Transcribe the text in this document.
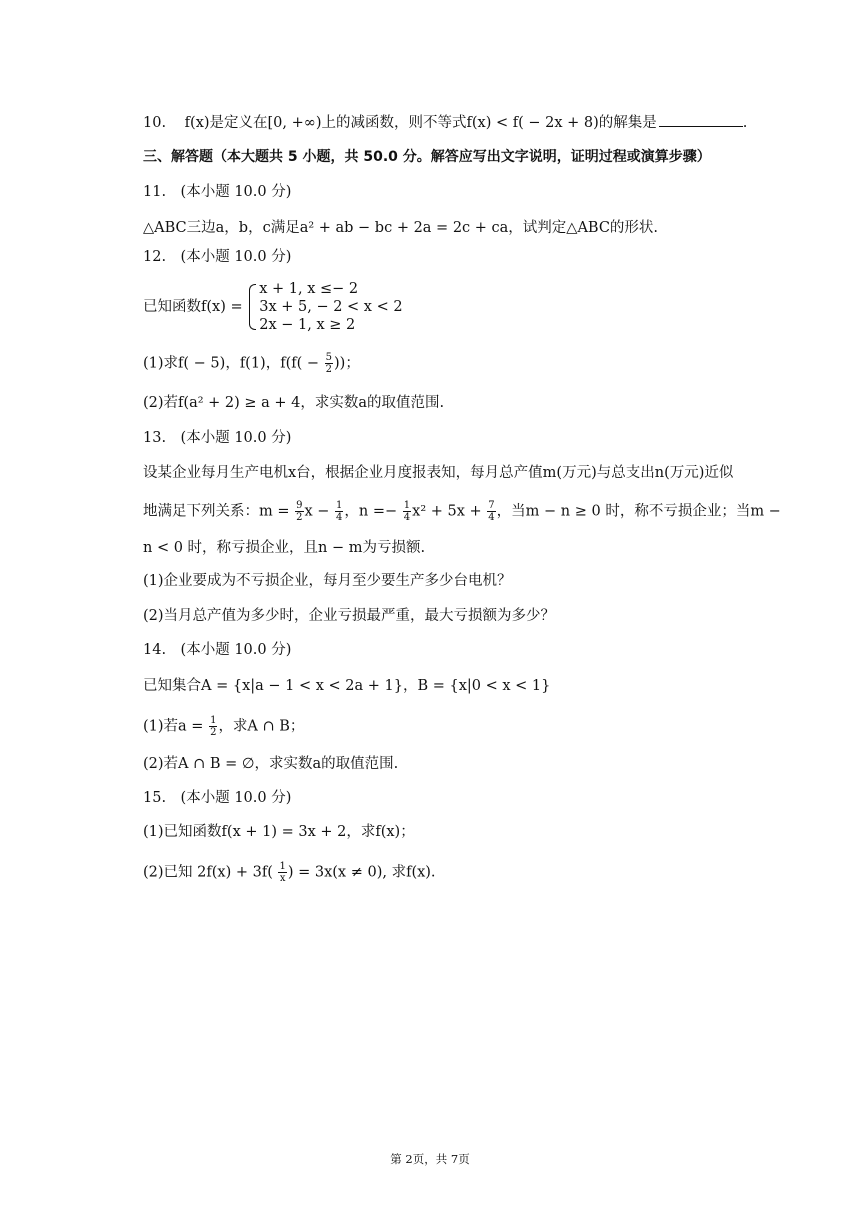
10. f(x)是定义在[0, +∞)上的减函数，则不等式f(x) < f( − 2x + 8)的解集是	.
三、解答题（本大题共 5 小题，共 50.0 分。解答应写出文字说明，证明过程或演算步骤）
11.　(本小题 10.0 分)
△ABC三边a，b，c满足a² + ab − bc + 2a = 2c + ca，试判定△ABC的形状.
12.　(本小题 10.0 分)
已知函数f(x) =
x + 1, x ≤− 2
3x + 5, − 2 < x < 2
2x − 1, x ≥ 2
(1)求f( − 5)，f(1)，$f(f( - \frac{5}{2}$ ))；
(2)若f(a² + 2) ≥ a + 4，求实数a的取值范围.
13.　(本小题 10.0 分)
设某企业每月生产电机x台，根据企业月度报表知，每月总产值m(万元)与总支出n(万元)近似
地满足下列关系：$m = \frac{9}{2}$ $x - \frac{1}{4}$ ，$n =- \frac{1}{4} x^2 + 5x + \frac{7}{4}$ ，当m − n ≥ 0 时，称不亏损企业；当m −
n < 0 时，称亏损企业，且n − m为亏损额.
(1)企业要成为不亏损企业，每月至少要生产多少台电机？
(2)当月总产值为多少时，企业亏损最严重，最大亏损额为多少？
14.　(本小题 10.0 分)
已知集合A = {x|a − 1 < x < 2a + 1}，B = {x|0 < x < 1}
(1)若$a = \frac{1}{2}$ ，求A ∩ B；
(2)若A ∩ B = ∅，求实数a的取值范围.
15.　(本小题 10.0 分)
(1)已知函数f(x + 1) = 3x + 2，求f(x)；
(2)已知 $2f(x) + 3f( \frac{1}{x}$ ) = 3x(x ≠ 0), 求f(x).
第 2页，共 7页
